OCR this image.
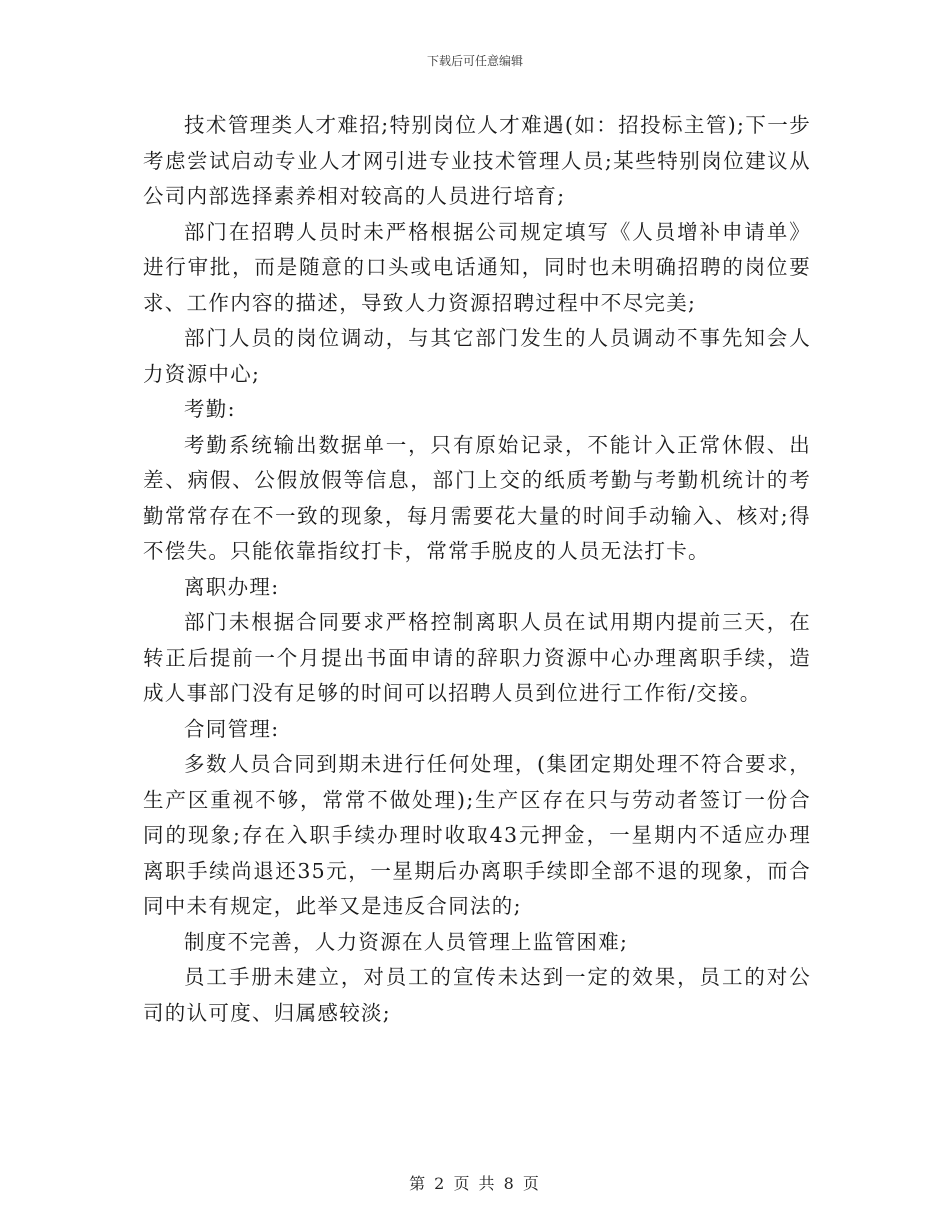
下载后可任意编辑

技术管理类人才难招;特别岗位人才难遇(如：招投标主管);下一步考虑尝试启动专业人才网引进专业技术管理人员;某些特别岗位建议从公司内部选择素养相对较高的人员进行培育;

部门在招聘人员时未严格根据公司规定填写《人员增补申请单》进行审批，而是随意的口头或电话通知，同时也未明确招聘的岗位要求、工作内容的描述，导致人力资源招聘过程中不尽完美;

部门人员的岗位调动，与其它部门发生的人员调动不事先知会人力资源中心;

考勤:

考勤系统输出数据单一，只有原始记录，不能计入正常休假、出差、病假、公假放假等信息，部门上交的纸质考勤与考勤机统计的考勤常常存在不一致的现象，每月需要花大量的时间手动输入、核对;得不偿失。只能依靠指纹打卡，常常手脱皮的人员无法打卡。

离职办理:

部门未根据合同要求严格控制离职人员在试用期内提前三天，在转正后提前一个月提出书面申请的辞职力资源中心办理离职手续，造成人事部门没有足够的时间可以招聘人员到位进行工作衔/交接。

合同管理:

多数人员合同到期未进行任何处理，(集团定期处理不符合要求，生产区重视不够，常常不做处理);生产区存在只与劳动者签订一份合同的现象;存在入职手续办理时收取43元押金，一星期内不适应办理离职手续尚退还35元，一星期后办离职手续即全部不退的现象，而合同中未有规定，此举又是违反合同法的;

制度不完善，人力资源在人员管理上监管困难;

员工手册未建立，对员工的宣传未达到一定的效果，员工的对公司的认可度、归属感较淡;

第 2 页 共 8 页
